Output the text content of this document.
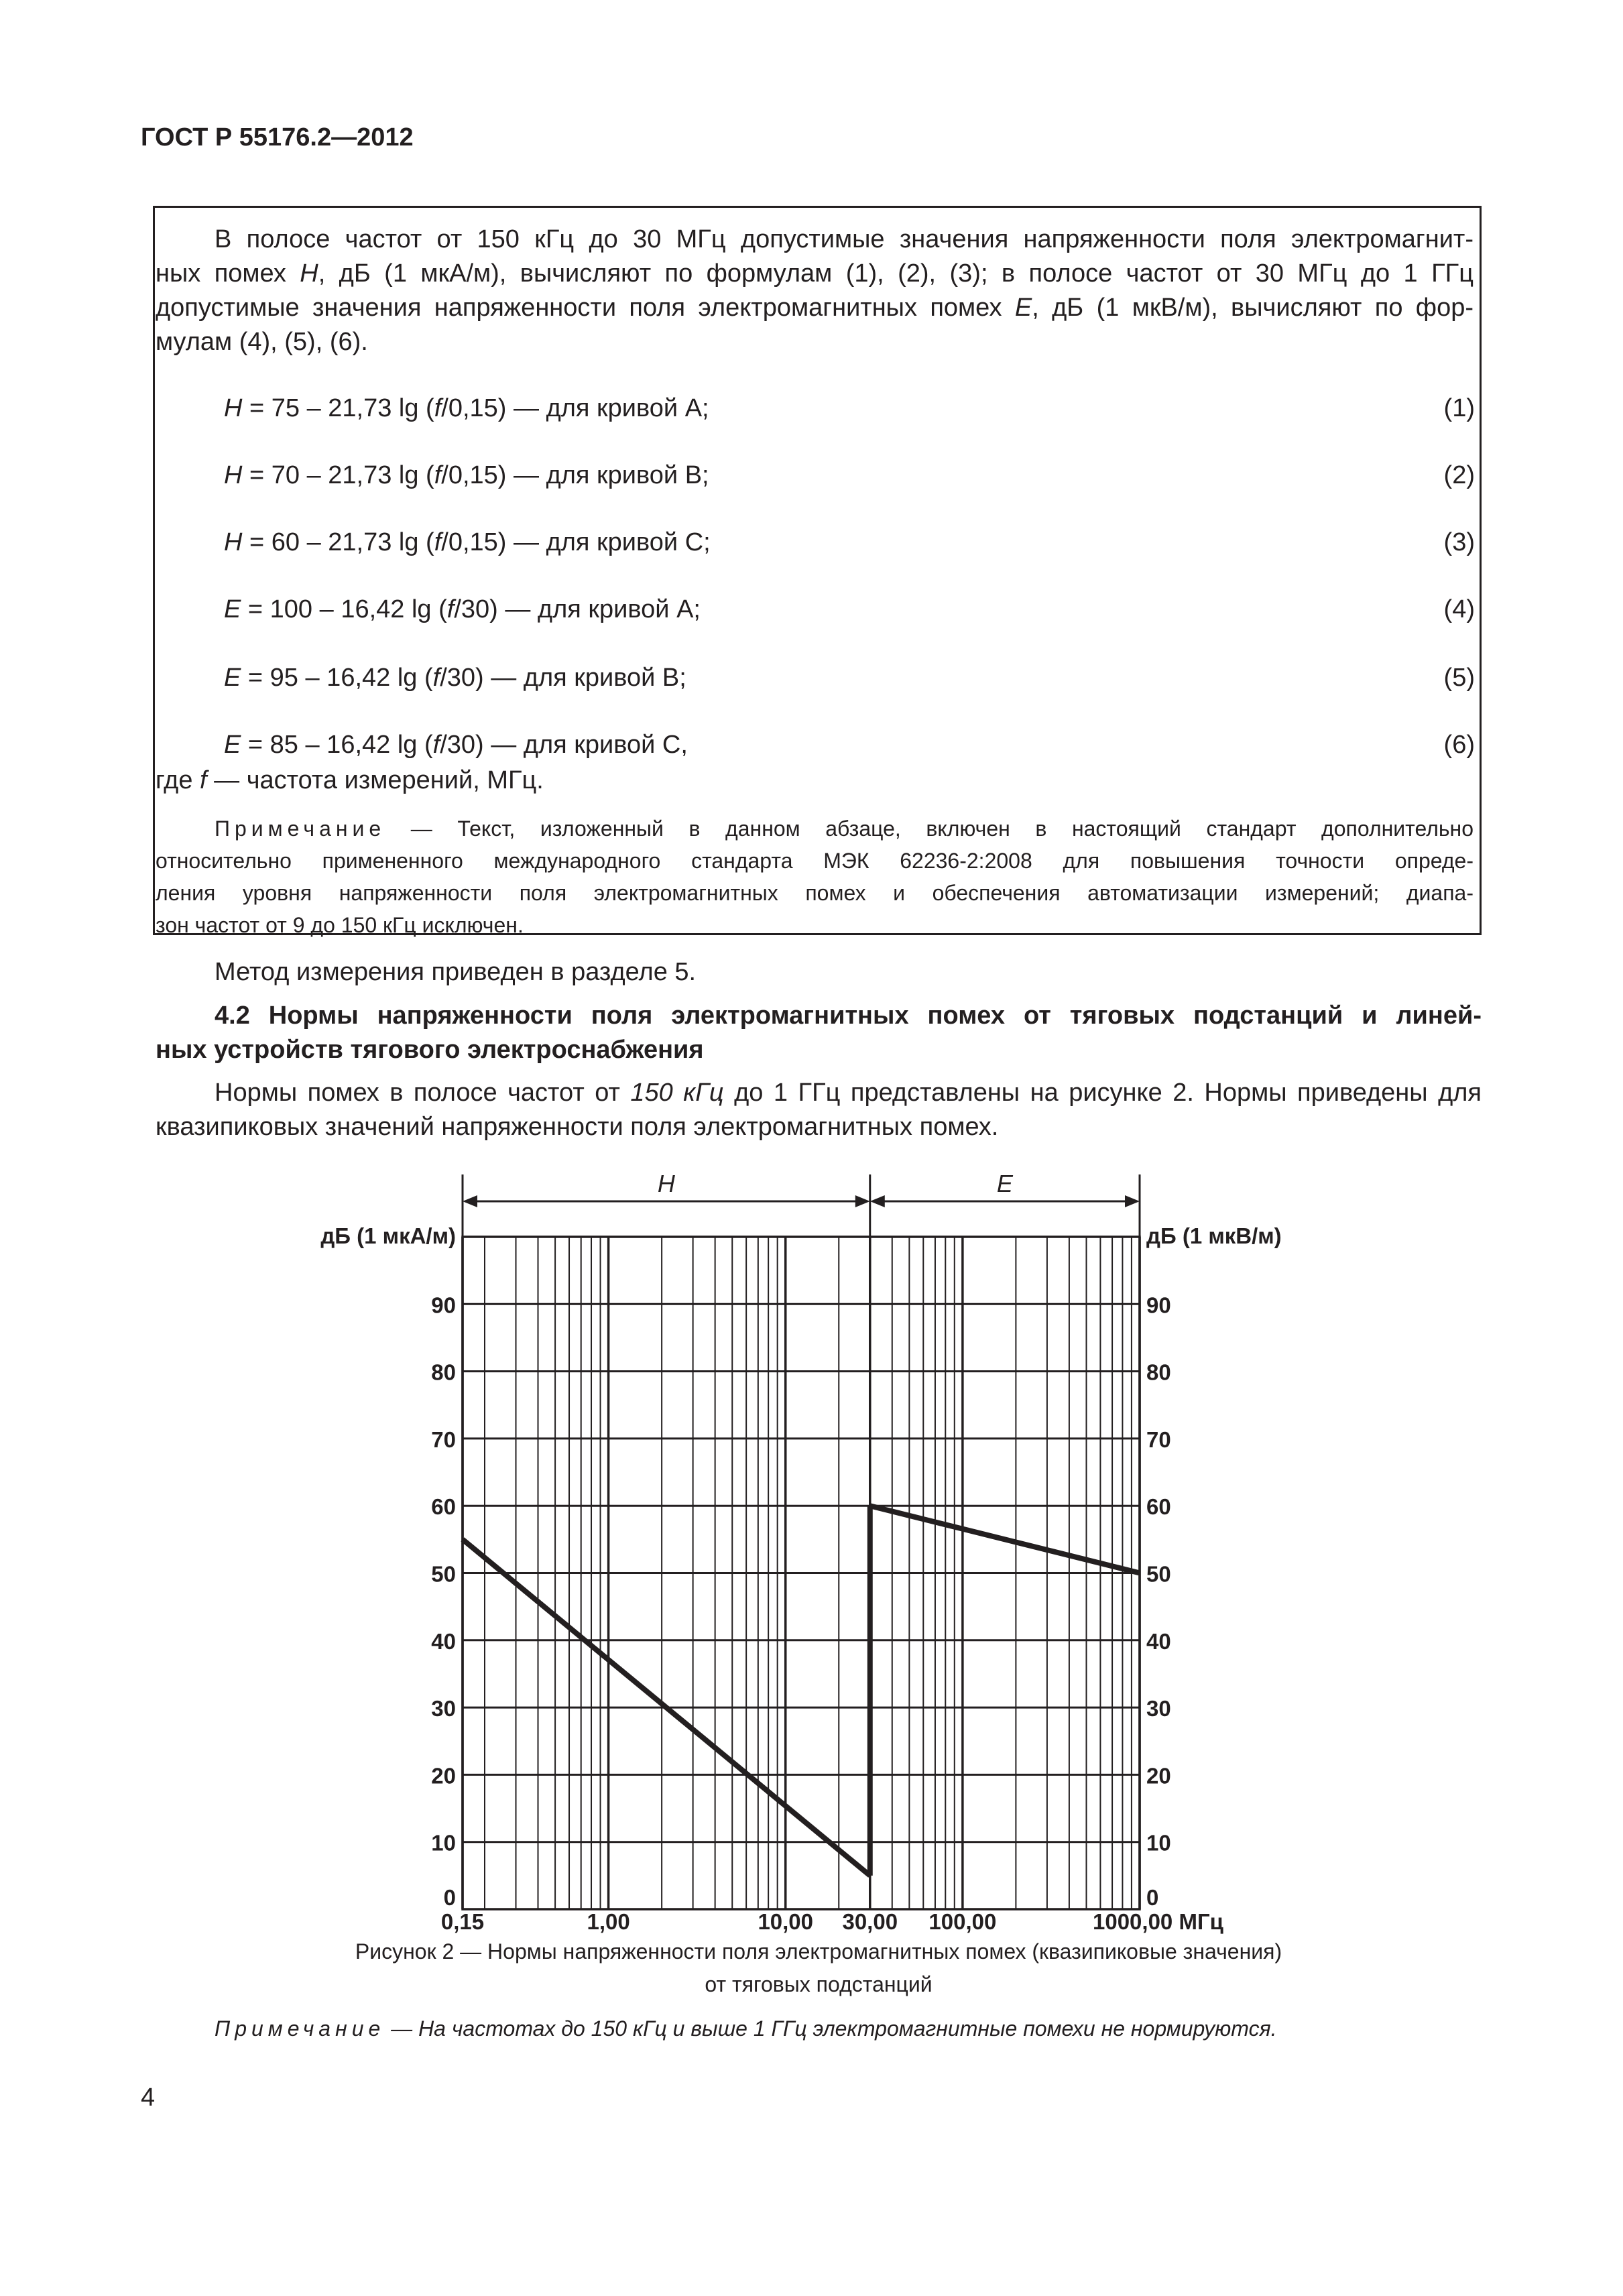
ГОСТ Р 55176.2—2012
В полосе частот от 150 кГц до 30 МГц допустимые значения напряженности поля электромагнит-
ных помех H, дБ (1 мкА/м), вычисляют по формулам (1), (2), (3); в полосе частот от 30 МГц до 1 ГГц
допустимые значения напряженности поля электромагнитных помех E, дБ (1 мкВ/м), вычисляют по фор-
мулам (4), (5), (6).
H = 75 – 21,73 lg (f/0,15) — для кривой A;	(1)
H = 70 – 21,73 lg (f/0,15) — для кривой B;	(2)
H = 60 – 21,73 lg (f/0,15) — для кривой C;	(3)
E = 100 – 16,42 lg (f/30) — для кривой A;	(4)
E = 95 – 16,42 lg (f/30) — для кривой B;	(5)
E = 85 – 16,42 lg (f/30) — для кривой C,	(6)
где f — частота измерений, МГц.
Примечание — Текст, изложенный в данном абзаце, включен в настоящий стандарт дополнительно
относительно примененного международного стандарта МЭК 62236-2:2008 для повышения точности опреде-
ления уровня напряженности поля электромагнитных помех и обеспечения автоматизации измерений; диапа-
зон частот от 9 до 150 кГц исключен.
Метод измерения приведен в разделе 5.
4.2 Нормы напряженности поля электромагнитных помех от тяговых подстанций и линей-
ных устройств тягового электроснабжения
Нормы помех в полосе частот от 150 кГц до 1 ГГц представлены на рисунке 2. Нормы приведены для
квазипиковых значений напряженности поля электромагнитных помех.
H	E
0	0
10	10
20	20
30	30
40	40
50	50
60	60
70	70
80	80
90	90
дБ (1 мкА/м)	дБ (1 мкВ/м)
0,15	1,00	10,00 30,00 100,00	1000,00 МГц
Рисунок 2 — Нормы напряженности поля электромагнитных помех (квазипиковые значения)
от тяговых подстанций
Примечание — На частотах до 150 кГц и выше 1 ГГц электромагнитные помехи не нормируются.
4
